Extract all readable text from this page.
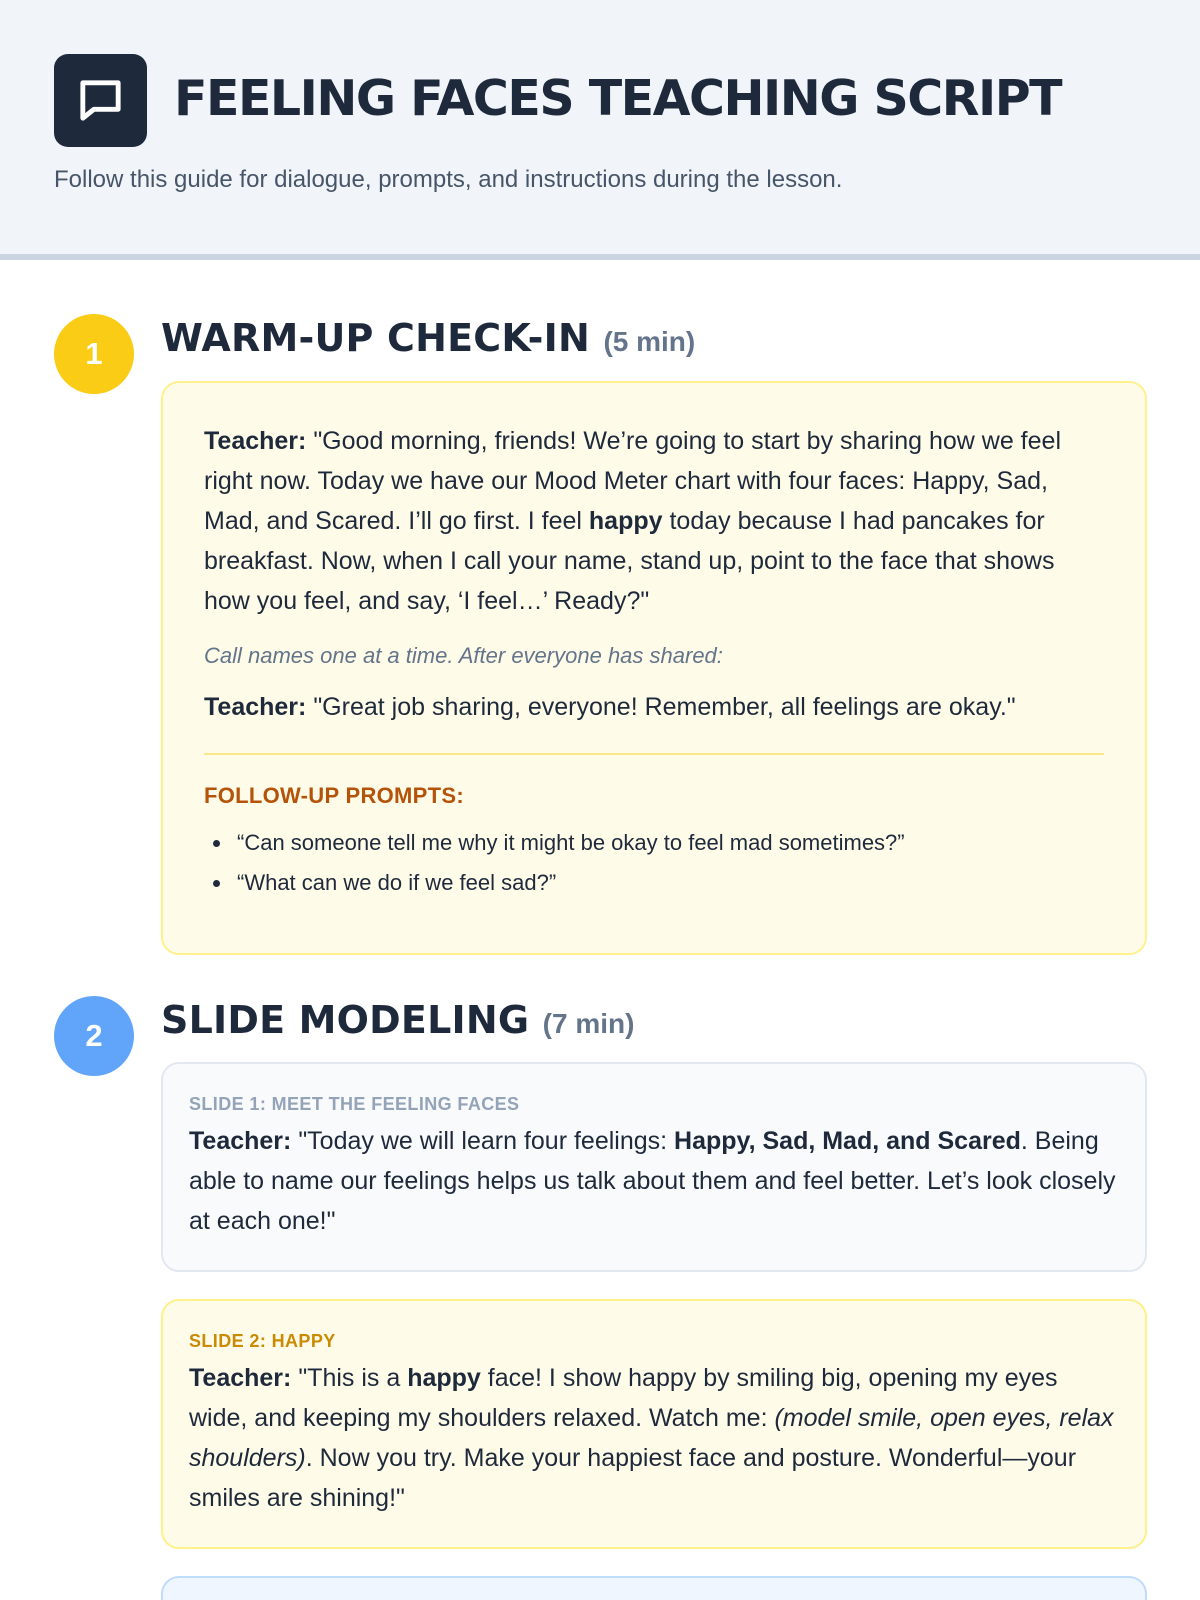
FEELING FACES TEACHING SCRIPT
Follow this guide for dialogue, prompts, and instructions during the lesson.
1	WARM-UP CHECK-IN (5 min)

Teacher: "Good morning, friends! We’re going to start by sharing how we feel right now. Today we have our Mood Meter chart with four faces: Happy, Sad, Mad, and Scared. I’ll go first. I feel happy today because I had pancakes for breakfast. Now, when I call your name, stand up, point to the face that shows how you feel, and say, ‘I feel…’ Ready?"

Call names one at a time. After everyone has shared:

Teacher: "Great job sharing, everyone! Remember, all feelings are okay."

FOLLOW-UP PROMPTS:

“Can someone tell me why it might be okay to feel mad sometimes?”
“What can we do if we feel sad?”
2	SLIDE MODELING (7 min)

SLIDE 1: MEET THE FEELING FACES

Teacher: "Today we will learn four feelings: Happy, Sad, Mad, and Scared. Being able to name our feelings helps us talk about them and feel better. Let’s look closely at each one!"

SLIDE 2: HAPPY

Teacher: "This is a happy face! I show happy by smiling big, opening my eyes wide, and keeping my shoulders relaxed. Watch me: (model smile, open eyes, relax shoulders). Now you try. Make your happiest face and posture. Wonderful—your smiles are shining!"
